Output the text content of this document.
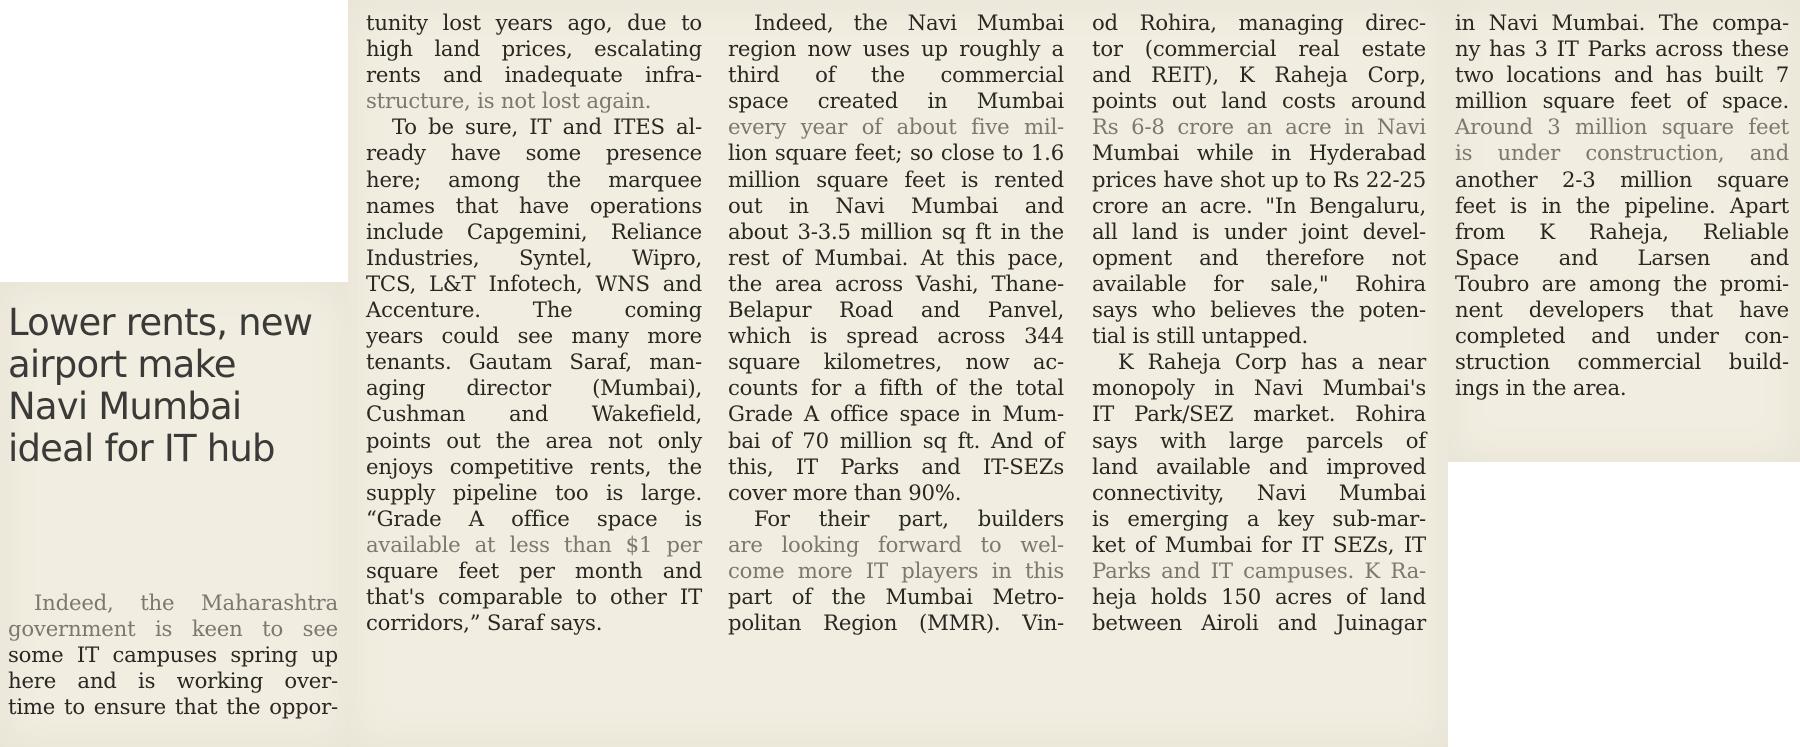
Lower rents, new
airport make
Navi Mumbai
ideal for IT hub
Indeed, the Maharashtra
government is keen to see
some IT campuses spring up
here and is working over-
time to ensure that the oppor-
tunity lost years ago, due to
high land prices, escalating
rents and inadequate infra-
structure, is not lost again.
To be sure, IT and ITES al-
ready have some presence
here; among the marquee
names that have operations
include Capgemini, Reliance
Industries, Syntel, Wipro,
TCS, L&T Infotech, WNS and
Accenture. The coming
years could see many more
tenants. Gautam Saraf, man-
aging director (Mumbai),
Cushman and Wakefield,
points out the area not only
enjoys competitive rents, the
supply pipeline too is large.
“Grade A office space is
available at less than $1 per
square feet per month and
that's comparable to other IT
corridors,” Saraf says.
Indeed, the Navi Mumbai
region now uses up roughly a
third of the commercial
space created in Mumbai
every year of about five mil-
lion square feet; so close to 1.6
million square feet is rented
out in Navi Mumbai and
about 3-3.5 million sq ft in the
rest of Mumbai. At this pace,
the area across Vashi, Thane-
Belapur Road and Panvel,
which is spread across 344
square kilometres, now ac-
counts for a fifth of the total
Grade A office space in Mum-
bai of 70 million sq ft. And of
this, IT Parks and IT-SEZs
cover more than 90%.
For their part, builders
are looking forward to wel-
come more IT players in this
part of the Mumbai Metro-
politan Region (MMR). Vin-
od Rohira, managing direc-
tor (commercial real estate
and REIT), K Raheja Corp,
points out land costs around
Rs 6-8 crore an acre in Navi
Mumbai while in Hyderabad
prices have shot up to Rs 22-25
crore an acre. "In Bengaluru,
all land is under joint devel-
opment and therefore not
available for sale," Rohira
says who believes the poten-
tial is still untapped.
K Raheja Corp has a near
monopoly in Navi Mumbai's
IT Park/SEZ market. Rohira
says with large parcels of
land available and improved
connectivity, Navi Mumbai
is emerging a key sub-mar-
ket of Mumbai for IT SEZs, IT
Parks and IT campuses. K Ra-
heja holds 150 acres of land
between Airoli and Juinagar
in Navi Mumbai. The compa-
ny has 3 IT Parks across these
two locations and has built 7
million square feet of space.
Around 3 million square feet
is under construction, and
another 2-3 million square
feet is in the pipeline. Apart
from K Raheja, Reliable
Space and Larsen and
Toubro are among the promi-
nent developers that have
completed and under con-
struction commercial build-
ings in the area.
